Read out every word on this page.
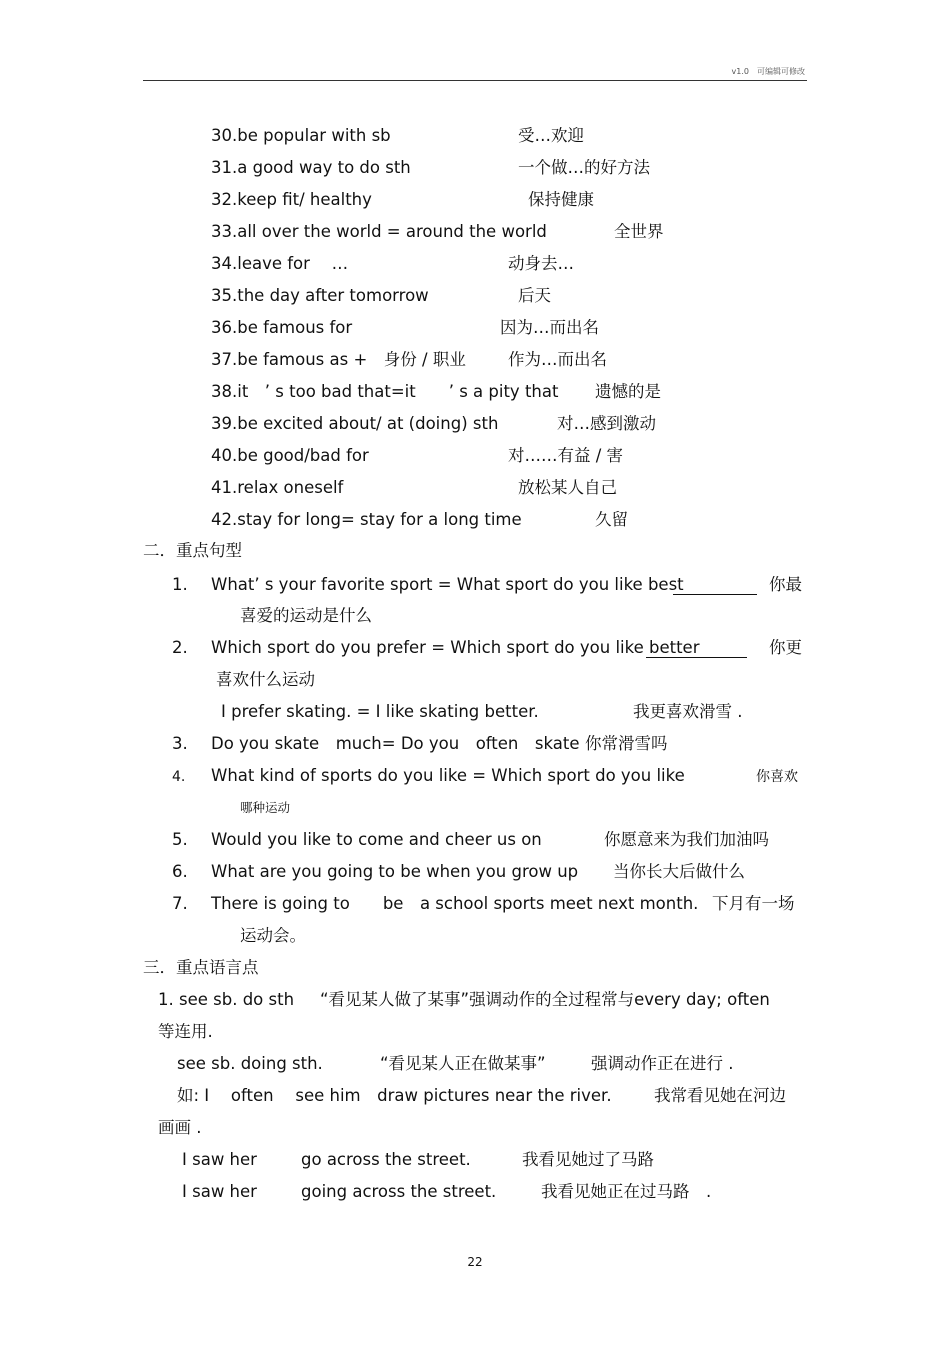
v1.0　可编辑可修改
30.be popular with sb	受…欢迎
31.a good way to do sth	一个做…的好方法
32.keep fit/ healthy	保持健康
33.all over the world = around the world	全世界
34.leave for　 …	动身去…
35.the day after tomorrow	后天
36.be famous for	因为…而出名
37.be famous as +　身份 / 职业	作为…而出名
38.it　’ s too bad that=it　　’ s a pity that 遗憾的是
39.be excited about/ at (doing) sth	对…感到激动
40.be good/bad for	对……有益 / 害
41.relax oneself	放松某人自己
42.stay for long= stay for a long time	久留
二．重点句型
1. What’ s your favorite sport = What sport do you like best	你最
喜爱的运动是什么
2. Which sport do you prefer = Which sport do you like better	你更
喜欢什么运动
I prefer skating. = I like skating better.	我更喜欢滑雪 .
3. Do you skate　much= Do you　often　skate 你常滑雪吗
4. What kind of sports do you like = Which sport do you like	你喜欢
哪种运动
5. Would you like to come and cheer us on	你愿意来为我们加油吗
6. What are you going to be when you grow up 当你长大后做什么
7. There is going to　　be　a school sports meet next month. 下月有一场
运动会。
三．重点语言点
1. see sb. do sth “看见某人做了某事”强调动作的全过程常与every day; often
等连用.
see sb. doing sth.	“看见某人正在做某事”	强调动作正在进行 .
如: I　 often　 see him　draw pictures near the river.	我常看见她在河边
画画 .
I saw her	go across the street.	我看见她过了马路
I saw her	going across the street.	我看见她正在过马路　.
22
